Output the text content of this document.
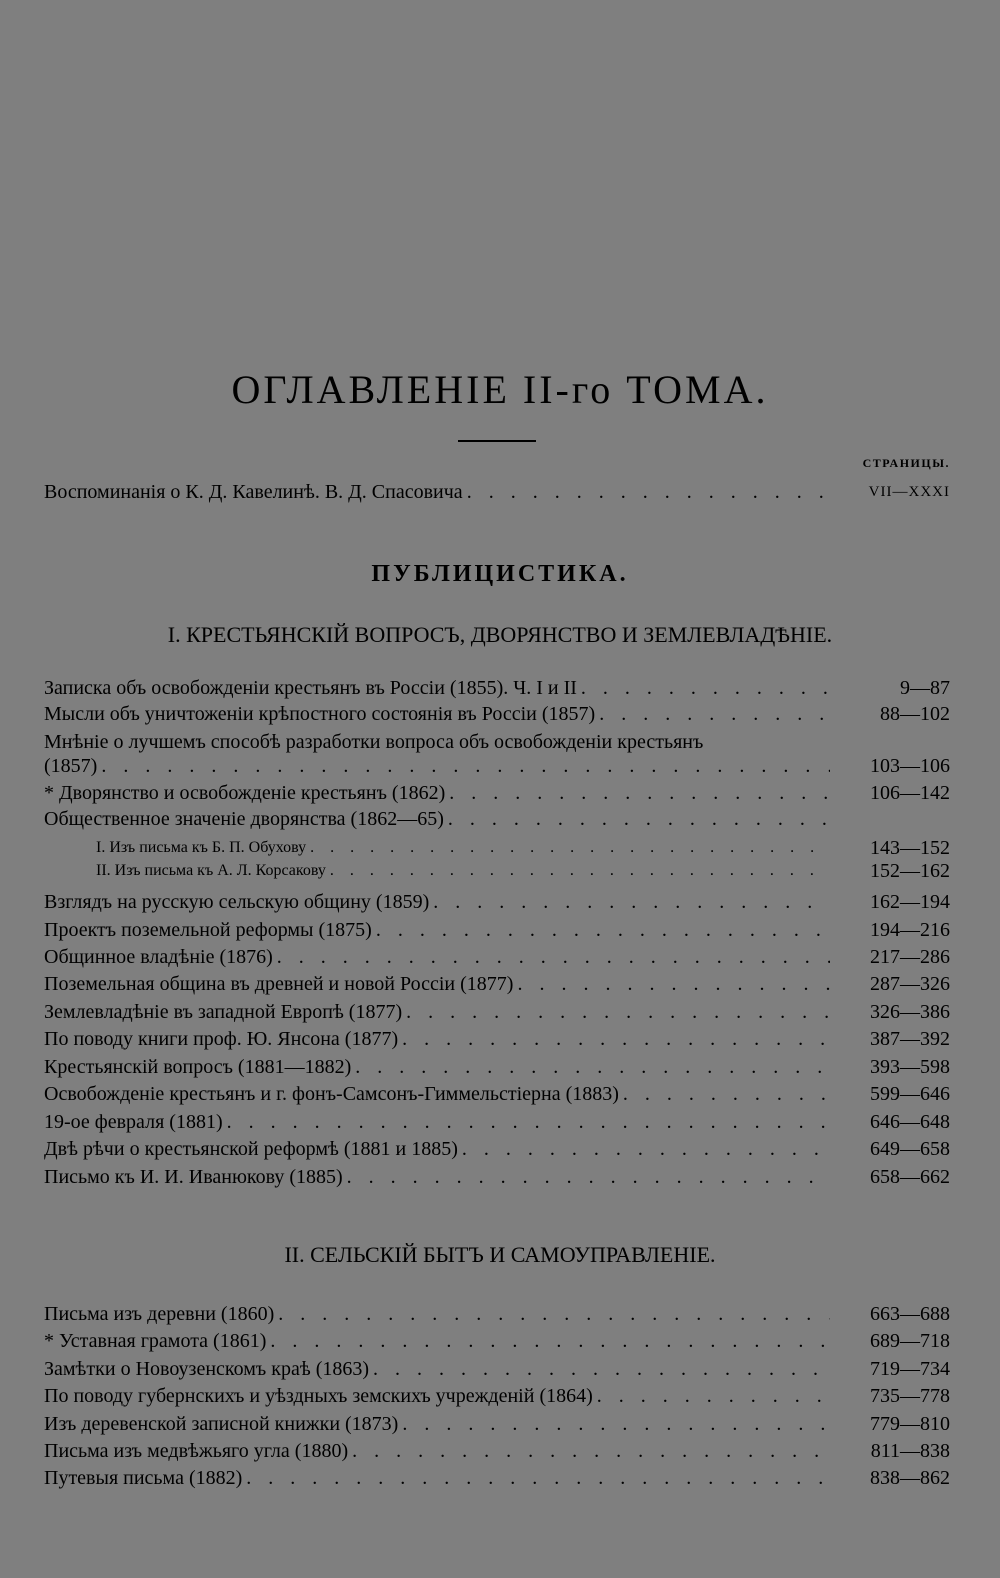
ОГЛАВЛЕНІЕ II-го ТОМА.
СТРАНИЦЫ.
Воспоминанія о К. Д. Кавелинѣ. В. Д. Спасовича . . .	VII—XXXI
ПУБЛИЦИСТИКА.
I. КРЕСТЬЯНСКІЙ ВОПРОСЪ, ДВОРЯНСТВО И ЗЕМЛЕВЛАДѢНІЕ.
Записка объ освобожденіи крестьянъ въ Россіи (1855). Ч. I и II . . .	9—87
Мысли объ уничтоженіи крѣпостного состоянія въ Россіи (1857) . . .	88—102
Мнѣніе о лучшемъ способѣ разработки вопроса объ освобожденіи крестьянъ
(1857) . . .	103—106
* Дворянство и освобожденіе крестьянъ (1862) . . .	106—142
Общественное значеніе дворянства (1862—65)
. . .
I. Изъ письма къ Б. П. Обухову . . .	143—152
II. Изъ письма къ А. Л. Корсакову . . .	152—162
Взглядъ на русскую сельскую общину (1859) . . .	162—194
Проектъ поземельной реформы (1875) . . .	194—216
Общинное владѣніе (1876) . . .	217—286
Поземельная община въ древней и новой Россіи (1877) . . .	287—326
Землевладѣніе въ западной Европѣ (1877) . . .	326—386
По поводу книги проф. Ю. Янсона (1877) . . .	387—392
Крестьянскій вопросъ (1881—1882) . . .	393—598
Освобожденіе крестьянъ и г. фонъ-Самсонъ-Гиммельстіерна (1883) . . .	599—646
19-ое февраля (1881) . . .	646—648
Двѣ рѣчи о крестьянской реформѣ (1881 и 1885) . . .	649—658
Письмо къ И. И. Иванюкову (1885) . . .	658—662
II. СЕЛЬСКІЙ БЫТЪ И САМОУПРАВЛЕНІЕ.
Письма изъ деревни (1860) . . .	663—688
* Уставная грамота (1861) . . .	689—718
Замѣтки о Новоузенскомъ краѣ (1863) . . .	719—734
По поводу губернскихъ и уѣздныхъ земскихъ учрежденій (1864) . . .	735—778
Изъ деревенской записной книжки (1873) . . .	779—810
Письма изъ медвѣжьяго угла (1880) . . .	811—838
Путевыя письма (1882) . . .	838—862
